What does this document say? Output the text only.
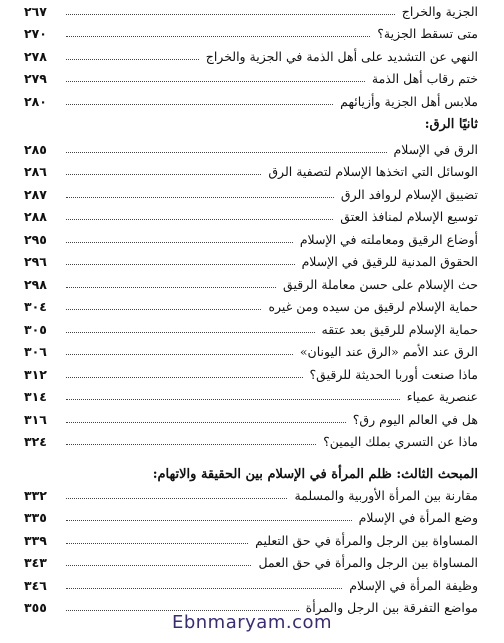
الجزية والخراج
٢٦٧
متى تسقط الجزية؟
٢٧٠
النهي عن التشديد على أهل الذمة في الجزية والخراج
٢٧٨
ختم رقاب أهل الذمة
٢٧٩
ملابس أهل الجزية وأزيائهم
٢٨٠
ثانيًا الرق:
الرق في الإسلام
٢٨٥
الوسائل التي اتخذها الإسلام لتصفية الرق
٢٨٦
تضييق الإسلام لروافد الرق
٢٨٧
توسيع الإسلام لمنافذ العتق
٢٨٨
أوضاع الرقيق ومعاملته في الإسلام
٢٩٥
الحقوق المدنية للرقيق في الإسلام
٢٩٦
حث الإسلام على حسن معاملة الرقيق
٢٩٨
حماية الإسلام لرقيق من سيده ومن غيره
٣٠٤
حماية الإسلام للرقيق بعد عتقه
٣٠٥
الرق عند الأمم «الرق عند اليونان»
٣٠٦
ماذا صنعت أوربا الحديثة للرقيق؟
٣١٢
عنصرية عمياء
٣١٤
هل في العالم اليوم رق؟
٣١٦
ماذا عن التسري بملك اليمين؟
٣٢٤
المبحث الثالث: ظلم المرأة في الإسلام بين الحقيقة والاتهام:
مقارنة بين المرأة الأوربية والمسلمة
٣٣٢
وضع المرأة في الإسلام
٣٣٥
المساواة بين الرجل والمرأة في حق التعليم
٣٣٩
المساواة بين الرجل والمرأة في حق العمل
٣٤٣
وظيفة المرأة في الإسلام
٣٤٦
مواضع التفرقة بين الرجل والمرأة
٣٥٥
Ebnmaryam.com
